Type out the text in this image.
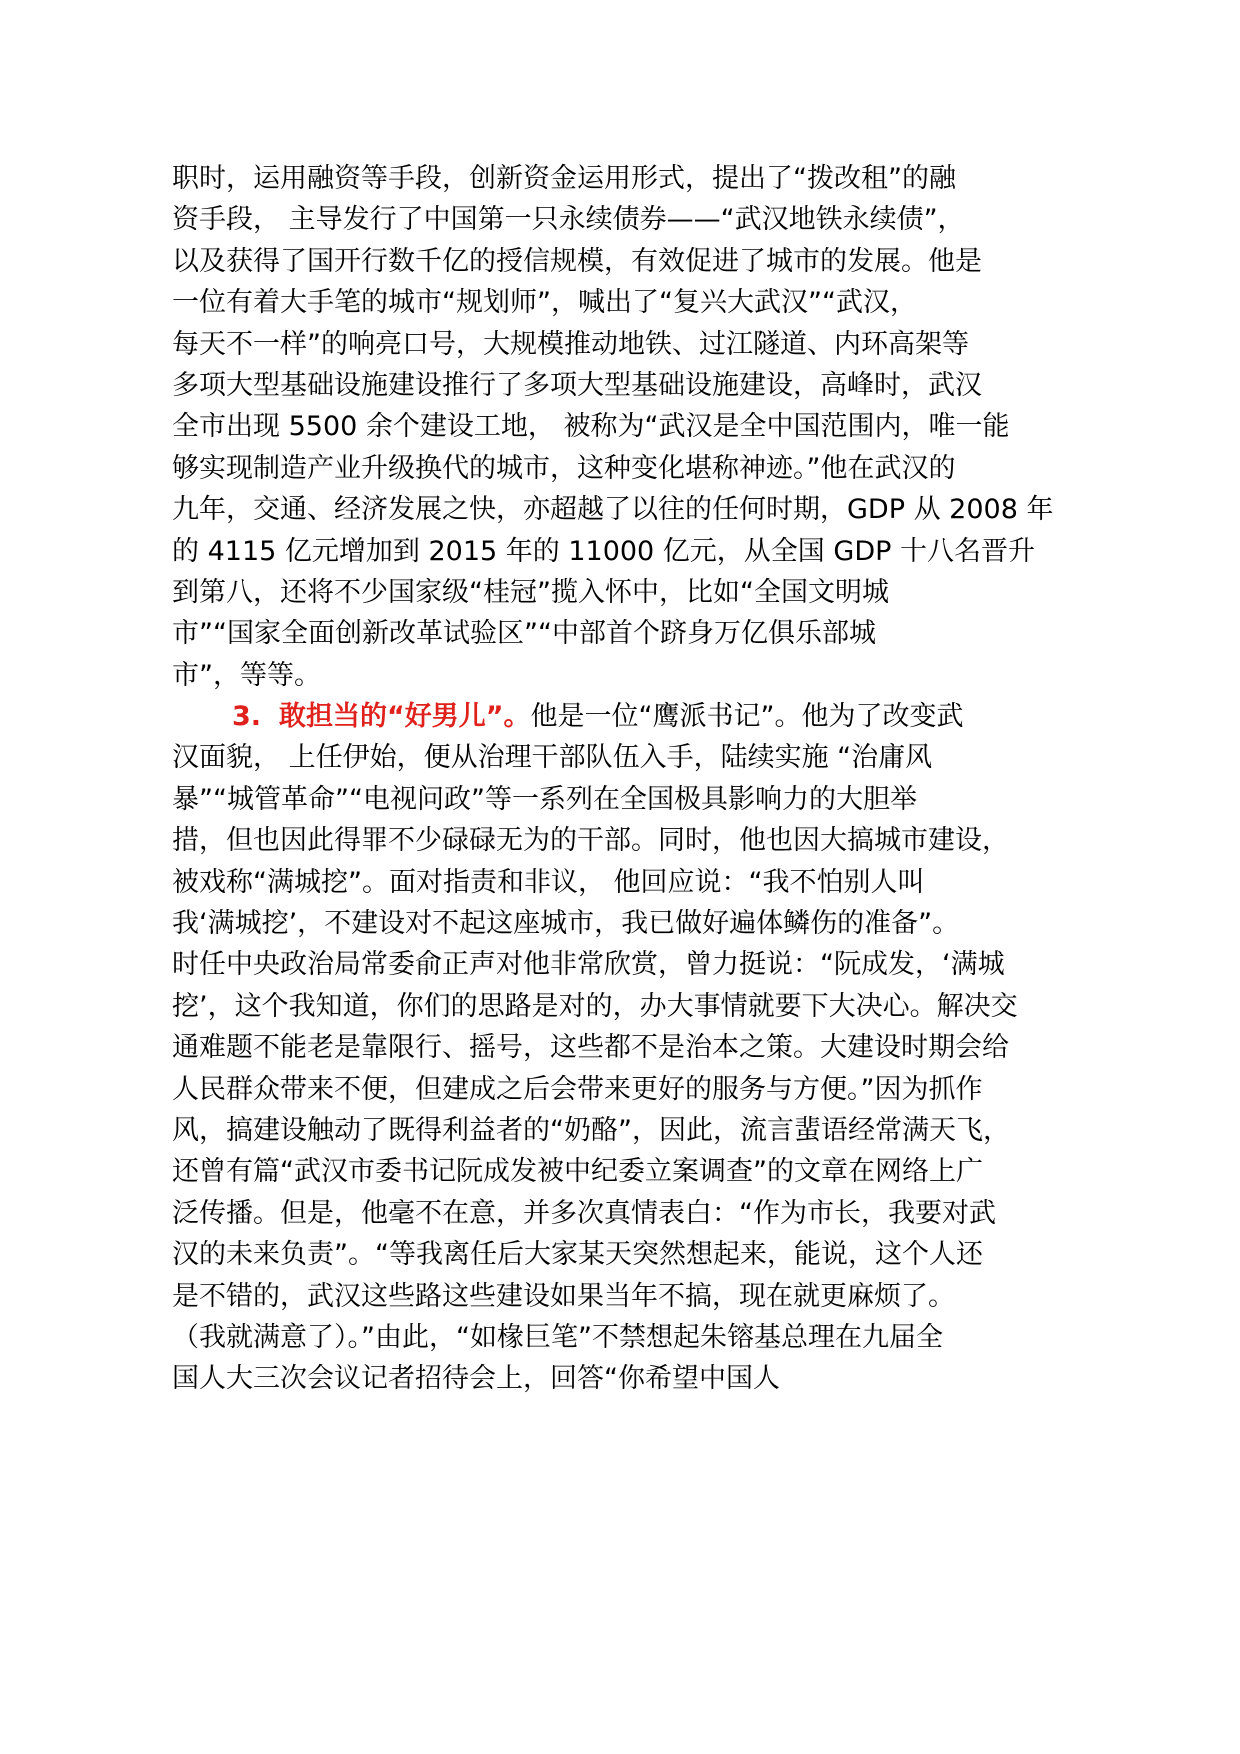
职时，运用融资等手段，创新资金运用形式，提出了“拨改租”的融
资手段， 主导发行了中国第一只永续债券——“武汉地铁永续债”，
以及获得了国开行数千亿的授信规模，有效促进了城市的发展。他是
一位有着大手笔的城市“规划师”，喊出了“复兴大武汉”“武汉，
每天不一样”的响亮口号，大规模推动地铁、过江隧道、内环高架等
多项大型基础设施建设推行了多项大型基础设施建设，高峰时，武汉
全市出现 5500 余个建设工地， 被称为“武汉是全中国范围内，唯一能
够实现制造产业升级换代的城市，这种变化堪称神迹。”他在武汉的
九年，交通、经济发展之快，亦超越了以往的任何时期，GDP 从 2008 年
的 4115 亿元增加到 2015 年的 11000 亿元，从全国 GDP 十八名晋升
到第八，还将不少国家级“桂冠”揽入怀中，比如“全国文明城
市”“国家全面创新改革试验区”“中部首个跻身万亿俱乐部城
市”，等等。
3. 敢担当的“好男儿”。他是一位“鹰派书记”。他为了改变武
汉面貌， 上任伊始，便从治理干部队伍入手，陆续实施 “治庸风
暴”“城管革命”“电视问政”等一系列在全国极具影响力的大胆举
措，但也因此得罪不少碌碌无为的干部。同时，他也因大搞城市建设，
被戏称“满城挖”。面对指责和非议， 他回应说：“我不怕别人叫
我‘满城挖’，不建设对不起这座城市，我已做好遍体鳞伤的准备”。
时任中央政治局常委俞正声对他非常欣赏，曾力挺说：“阮成发，‘满城
挖’，这个我知道，你们的思路是对的，办大事情就要下大决心。解决交
通难题不能老是靠限行、摇号，这些都不是治本之策。大建设时期会给
人民群众带来不便，但建成之后会带来更好的服务与方便。”因为抓作
风，搞建设触动了既得利益者的“奶酪”，因此，流言蜚语经常满天飞，
还曾有篇“武汉市委书记阮成发被中纪委立案调查”的文章在网络上广
泛传播。但是，他毫不在意，并多次真情表白：“作为市长，我要对武
汉的未来负责”。“等我离任后大家某天突然想起来，能说，这个人还
是不错的，武汉这些路这些建设如果当年不搞，现在就更麻烦了。
（我就满意了）。”由此，“如椽巨笔”不禁想起朱镕基总理在九届全
国人大三次会议记者招待会上，回答“你希望中国人
